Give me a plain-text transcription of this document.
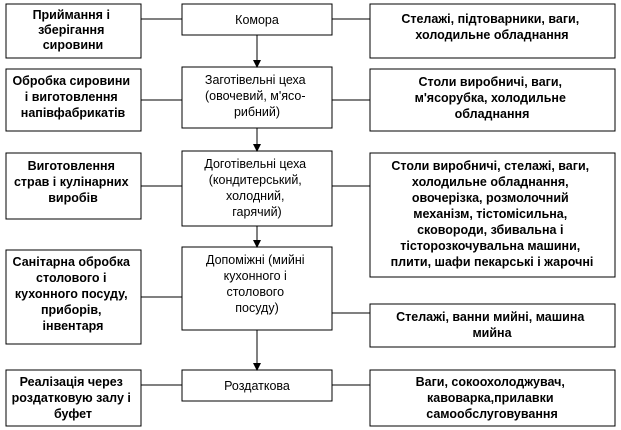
Приймання і зберігання сировини
Обробка сировини і виготовлення напівфабрикатів
Виготовлення страв і кулінарних виробів
Санітарна обробка столового і кухонного посуду, приборів, інвентаря
Реалізація через роздатковую залу і буфет
Комора
Заготівельні цеха (овочевий, м'ясо- рибний)
Доготівельні цеха (кондитерський, холодний, гарячий)
Допоміжні (мийні кухонного і столового посуду)
Роздаткова
Стелажі, підтоварники, ваги, холодильне обладнання
Столи виробничі, ваги, м'ясорубка, холодильне обладнання
Столи виробничі, стелажі, ваги, холодильне обладнання, овочерізка, розмолочний механізм, тістомісильна, сковороди, збивальна і тісторозкочувальна машини, плити, шафи пекарські і жарочні
Стелажі, ванни мийні, машина мийна
Ваги, сокоохолоджувач, кавоварка,прилавки самообслуговування
